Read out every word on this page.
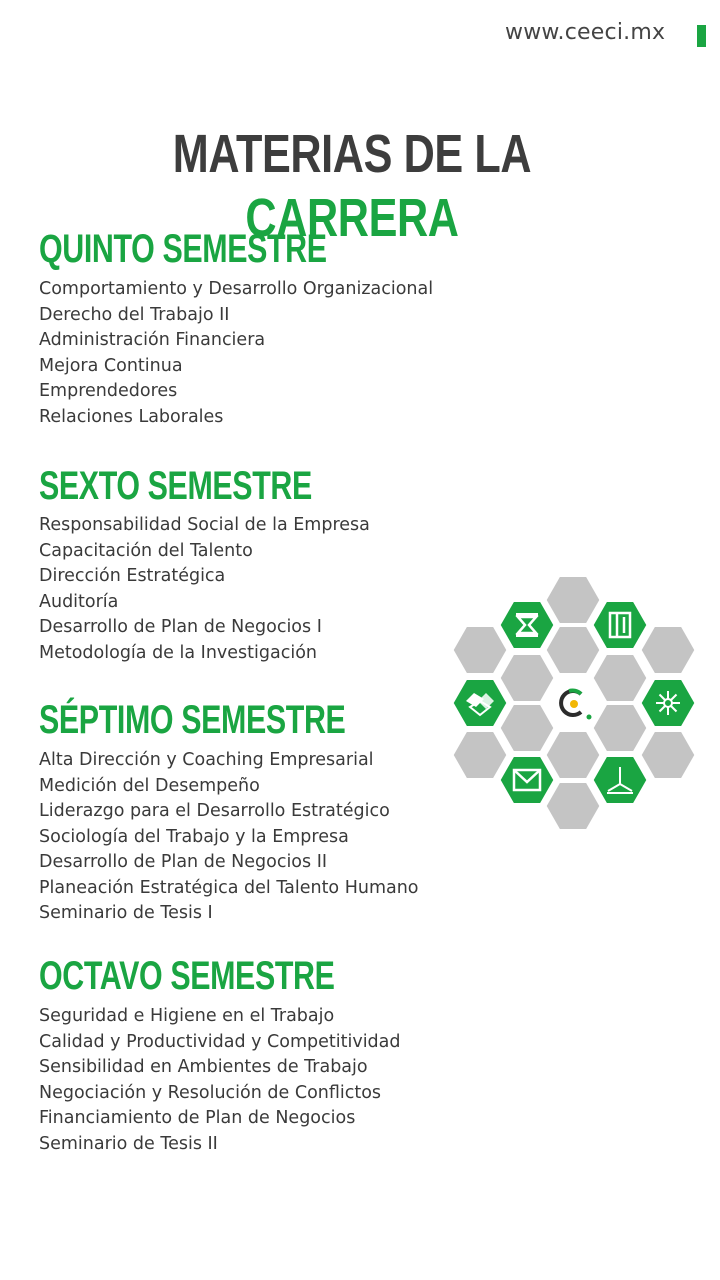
www.ceeci.mx
MATERIAS DE LA CARRERA
QUINTO SEMESTRE
Comportamiento y Desarrollo Organizacional
Derecho del Trabajo II
Administración Financiera
Mejora Continua
Emprendedores
Relaciones Laborales
SEXTO SEMESTRE
Responsabilidad Social de la Empresa
Capacitación del Talento
Dirección Estratégica
Auditoría
Desarrollo de Plan de Negocios I
Metodología de la Investigación
SÉPTIMO SEMESTRE
Alta Dirección y Coaching Empresarial
Medición del Desempeño
Liderazgo para el Desarrollo Estratégico
Sociología del Trabajo y la Empresa
Desarrollo de Plan de Negocios II
Planeación Estratégica del Talento Humano
Seminario de Tesis I
OCTAVO SEMESTRE
Seguridad e Higiene en el Trabajo
Calidad y Productividad y Competitividad
Sensibilidad en Ambientes de Trabajo
Negociación y Resolución de Conflictos
Financiamiento de Plan de Negocios
Seminario de Tesis II
